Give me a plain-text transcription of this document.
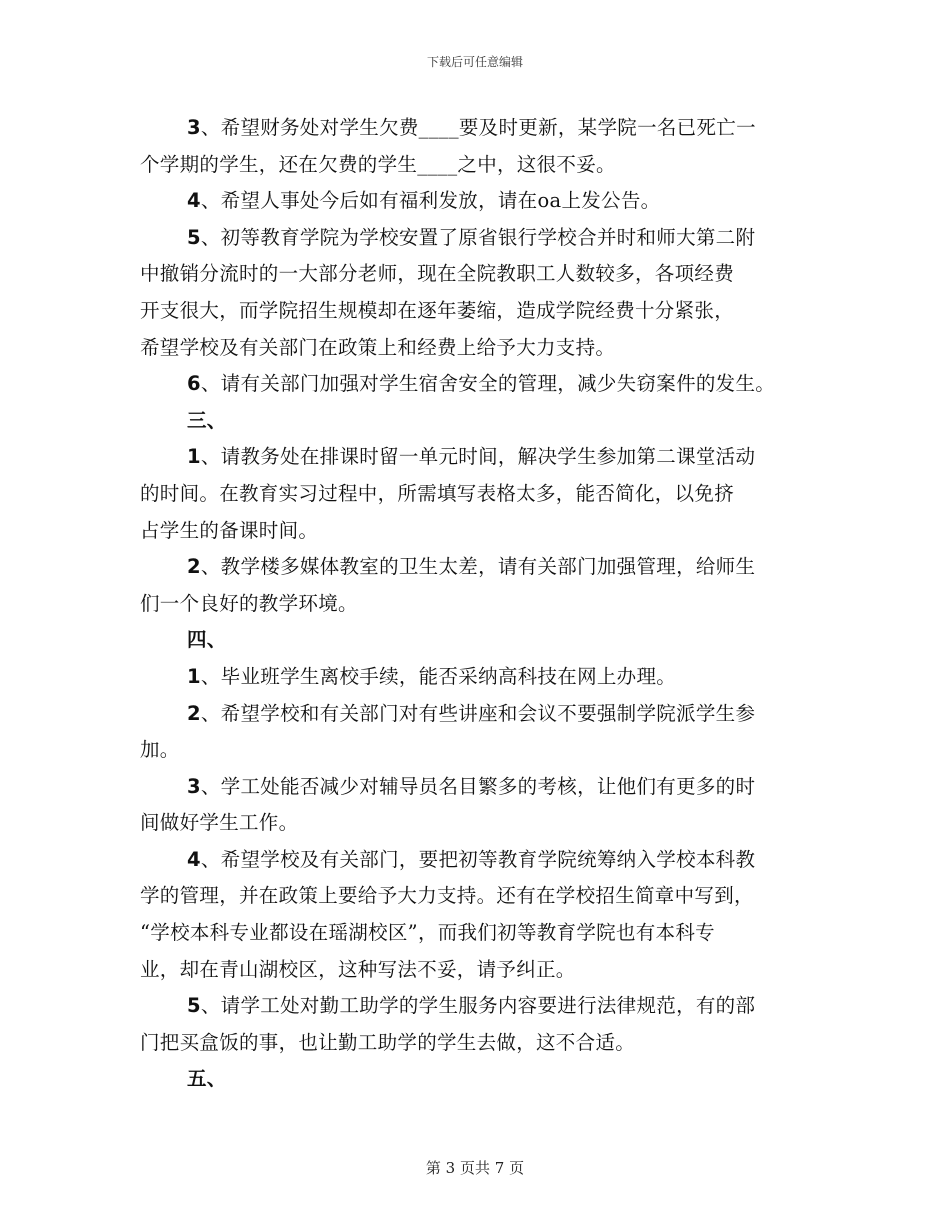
下载后可任意编辑
3、希望财务处对学生欠费____要及时更新，某学院一名已死亡一
个学期的学生，还在欠费的学生____之中，这很不妥。
4、希望人事处今后如有福利发放，请在oa上发公告。
5、初等教育学院为学校安置了原省银行学校合并时和师大第二附
中撤销分流时的一大部分老师，现在全院教职工人数较多，各项经费
开支很大，而学院招生规模却在逐年萎缩，造成学院经费十分紧张，
希望学校及有关部门在政策上和经费上给予大力支持。
6、请有关部门加强对学生宿舍安全的管理，减少失窃案件的发生。
三、
1、请教务处在排课时留一单元时间，解决学生参加第二课堂活动
的时间。在教育实习过程中，所需填写表格太多，能否简化，以免挤
占学生的备课时间。
2、教学楼多媒体教室的卫生太差，请有关部门加强管理，给师生
们一个良好的教学环境。
四、
1、毕业班学生离校手续，能否采纳高科技在网上办理。
2、希望学校和有关部门对有些讲座和会议不要强制学院派学生参
加。
3、学工处能否减少对辅导员名目繁多的考核，让他们有更多的时
间做好学生工作。
4、希望学校及有关部门，要把初等教育学院统筹纳入学校本科教
学的管理，并在政策上要给予大力支持。还有在学校招生简章中写到，
“学校本科专业都设在瑶湖校区”，而我们初等教育学院也有本科专
业，却在青山湖校区，这种写法不妥，请予纠正。
5、请学工处对勤工助学的学生服务内容要进行法律规范，有的部
门把买盒饭的事，也让勤工助学的学生去做，这不合适。
五、
第 3 页共 7 页
